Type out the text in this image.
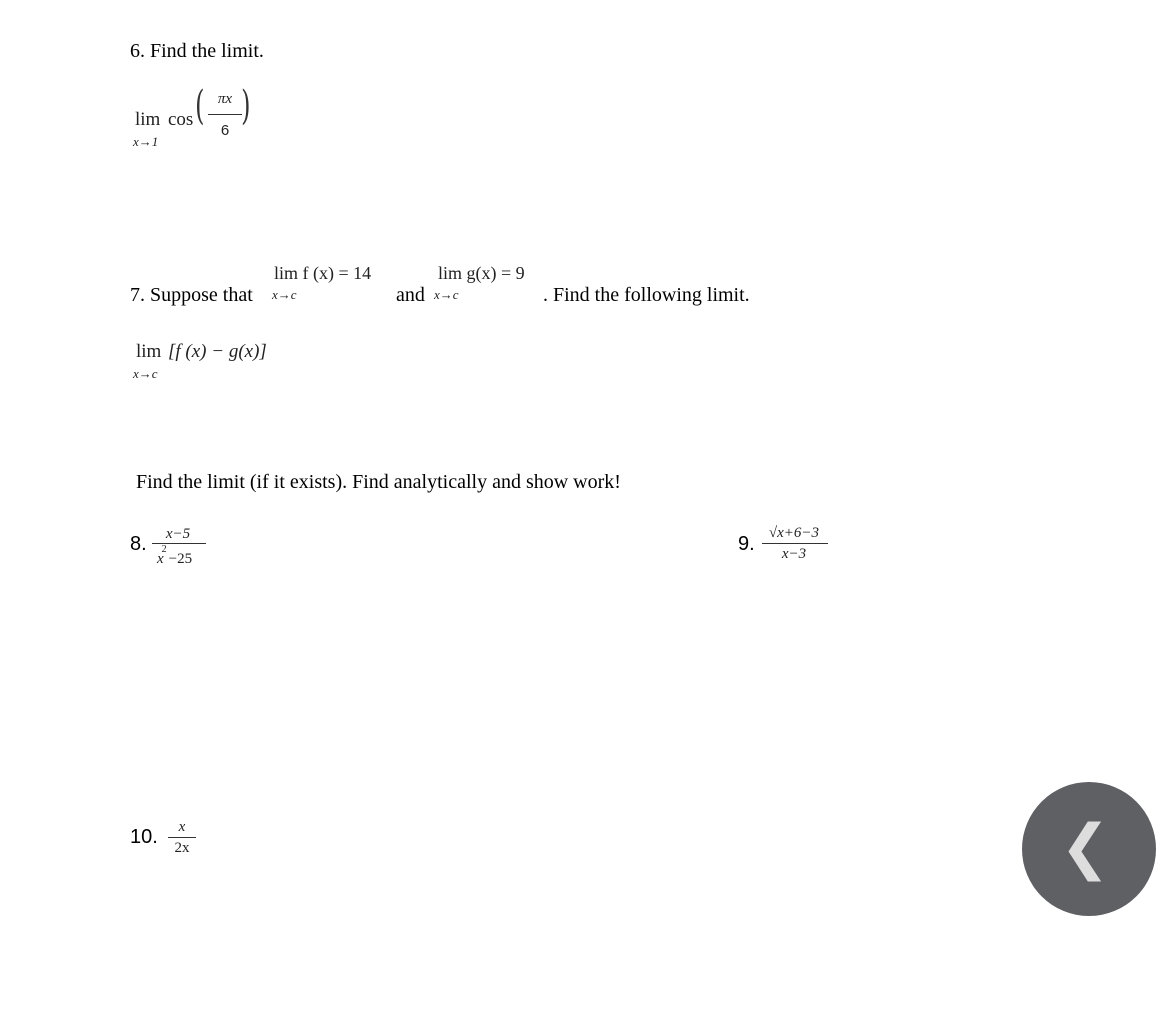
6. Find the limit.
lim cos
x→1
( πx
6
)
7. Suppose that
lim f (x) = 14
x→c	and
lim g(x) = 9
x→c	. Find the following limit.
lim [f (x) − g(x)]
x→c
Find the limit (if it exists). Find analytically and show work!
8.	x−5
$x^2-25$
9. √x+6−3
x−3
10.	x
2x	❮
